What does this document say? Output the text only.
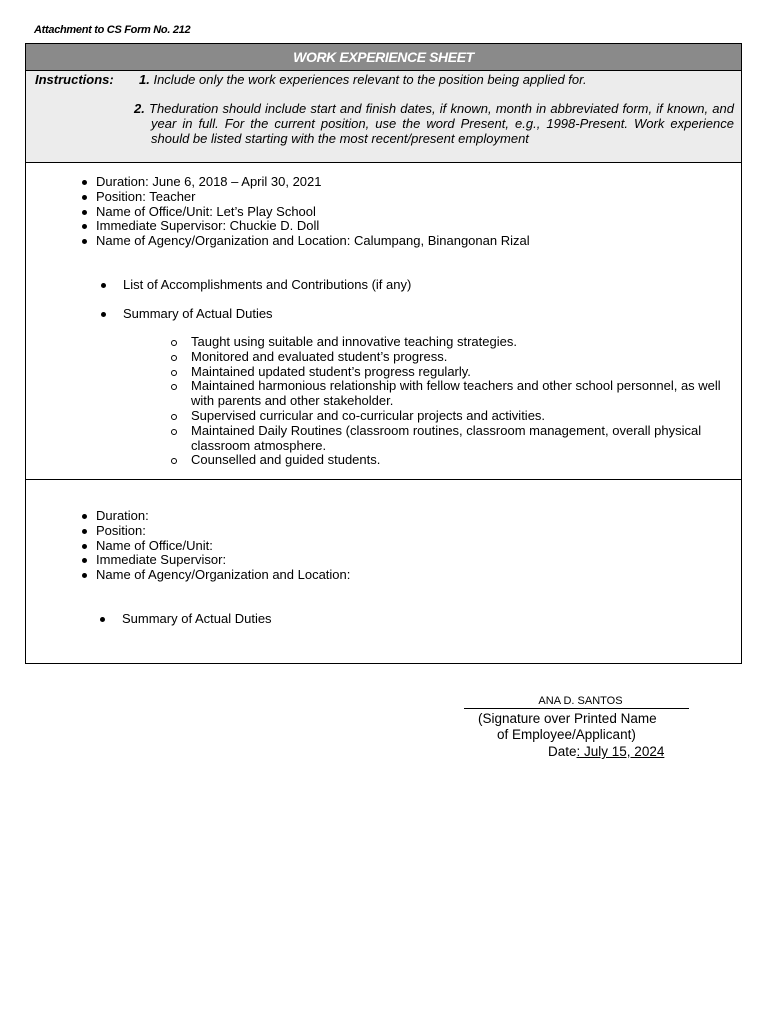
Attachment to CS Form No. 212
WORK EXPERIENCE SHEET
Instructions: 1. Include only the work experiences relevant to the position being applied for.
2. Theduration should include start and finish dates, if known, month in abbreviated form, if known, and year in full. For the current position, use the word Present, e.g., 1998-Present. Work experience should be listed starting with the most recent/present employment
Duration: June 6, 2018 – April 30, 2021
Position: Teacher
Name of Office/Unit: Let’s Play School
Immediate Supervisor: Chuckie D. Doll
Name of Agency/Organization and Location: Calumpang, Binangonan Rizal
List of Accomplishments and Contributions (if any)
Summary of Actual Duties
Taught using suitable and innovative teaching strategies.
Monitored and evaluated student’s progress.
Maintained updated student’s progress regularly.
Maintained harmonious relationship with fellow teachers and other school personnel, as well with parents and other stakeholder.
Supervised curricular and co-curricular projects and activities.
Maintained Daily Routines (classroom routines, classroom management, overall physical classroom atmosphere.
Counselled and guided students.
Duration:
Position:
Name of Office/Unit:
Immediate Supervisor:
Name of Agency/Organization and Location:
Summary of Actual Duties
ANA D. SANTOS
(Signature over Printed Name
of Employee/Applicant)
Date: July 15, 2024
